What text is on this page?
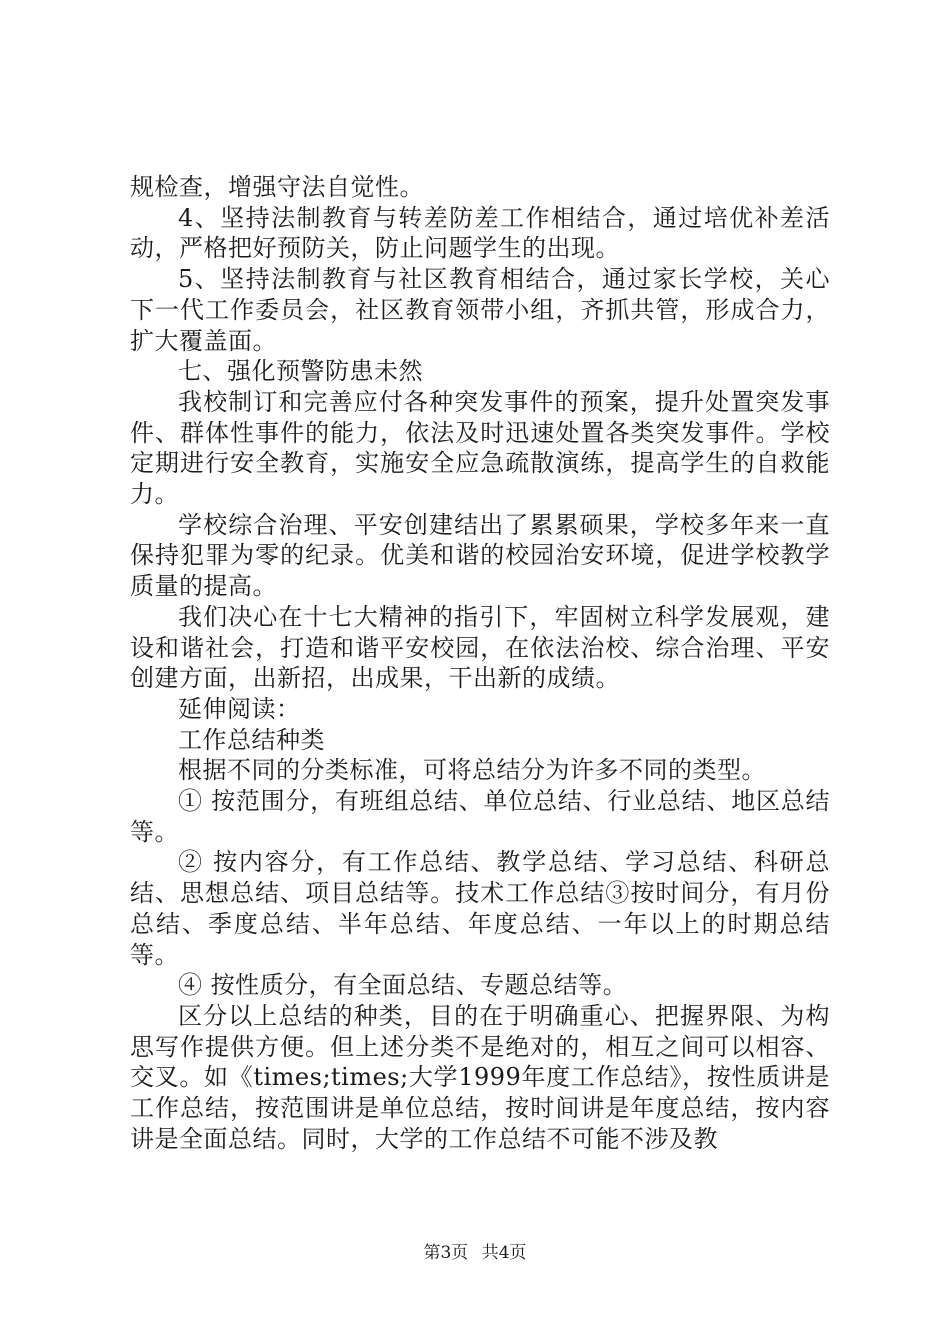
规检查，增强守法自觉性。

4、坚持法制教育与转差防差工作相结合，通过培优补差活动，严格把好预防关，防止问题学生的出现。

5、坚持法制教育与社区教育相结合，通过家长学校，关心下一代工作委员会，社区教育领带小组，齐抓共管，形成合力，扩大覆盖面。

七、强化预警防患未然

我校制订和完善应付各种突发事件的预案，提升处置突发事件、群体性事件的能力，依法及时迅速处置各类突发事件。学校定期进行安全教育，实施安全应急疏散演练，提高学生的自救能力。

学校综合治理、平安创建结出了累累硕果，学校多年来一直保持犯罪为零的纪录。优美和谐的校园治安环境，促进学校教学质量的提高。

我们决心在十七大精神的指引下，牢固树立科学发展观，建设和谐社会，打造和谐平安校园，在依法治校、综合治理、平安创建方面，出新招，出成果，干出新的成绩。

延伸阅读：

工作总结种类

根据不同的分类标准，可将总结分为许多不同的类型。

① 按范围分，有班组总结、单位总结、行业总结、地区总结等。

② 按内容分，有工作总结、教学总结、学习总结、科研总结、思想总结、项目总结等。技术工作总结③按时间分，有月份总结、季度总结、半年总结、年度总结、一年以上的时期总结等。

④ 按性质分，有全面总结、专题总结等。

区分以上总结的种类，目的在于明确重心、把握界限、为构思写作提供方便。但上述分类不是绝对的，相互之间可以相容、交叉。如《times;times;大学1999年度工作总结》，按性质讲是工作总结，按范围讲是单位总结，按时间讲是年度总结，按内容讲是全面总结。同时，大学的工作总结不可能不涉及教

第3页 共4页
